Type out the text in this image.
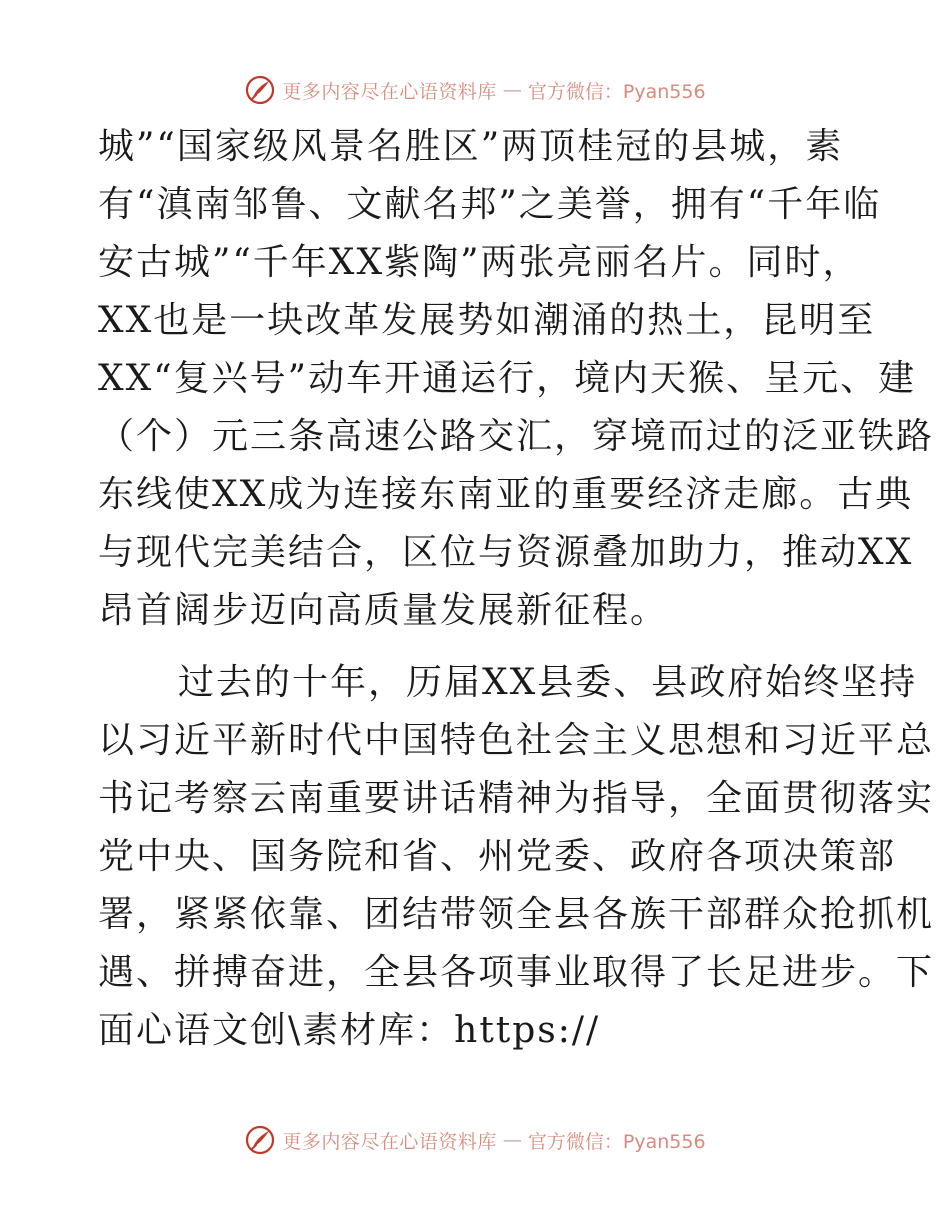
更多内容尽在心语资料库 — 官方微信：Pyan556

城”“国家级风景名胜区”两顶桂冠的县城，素
有“滇南邹鲁、文献名邦”之美誉，拥有“千年临
安古城”“千年XX紫陶”两张亮丽名片。同时，
XX也是一块改革发展势如潮涌的热土，昆明至
XX“复兴号”动车开通运行，境内天猴、呈元、建
（个）元三条高速公路交汇，穿境而过的泛亚铁路
东线使XX成为连接东南亚的重要经济走廊。古典
与现代完美结合，区位与资源叠加助力，推动XX
昂首阔步迈向高质量发展新征程。

过去的十年，历届XX县委、县政府始终坚持
以习近平新时代中国特色社会主义思想和习近平总
书记考察云南重要讲话精神为指导，全面贯彻落实
党中央、国务院和省、州党委、政府各项决策部
署，紧紧依靠、团结带领全县各族干部群众抢抓机
遇、拼搏奋进，全县各项事业取得了长足进步。下
面心语文创\素材库：https://

更多内容尽在心语资料库 — 官方微信：Pyan556
